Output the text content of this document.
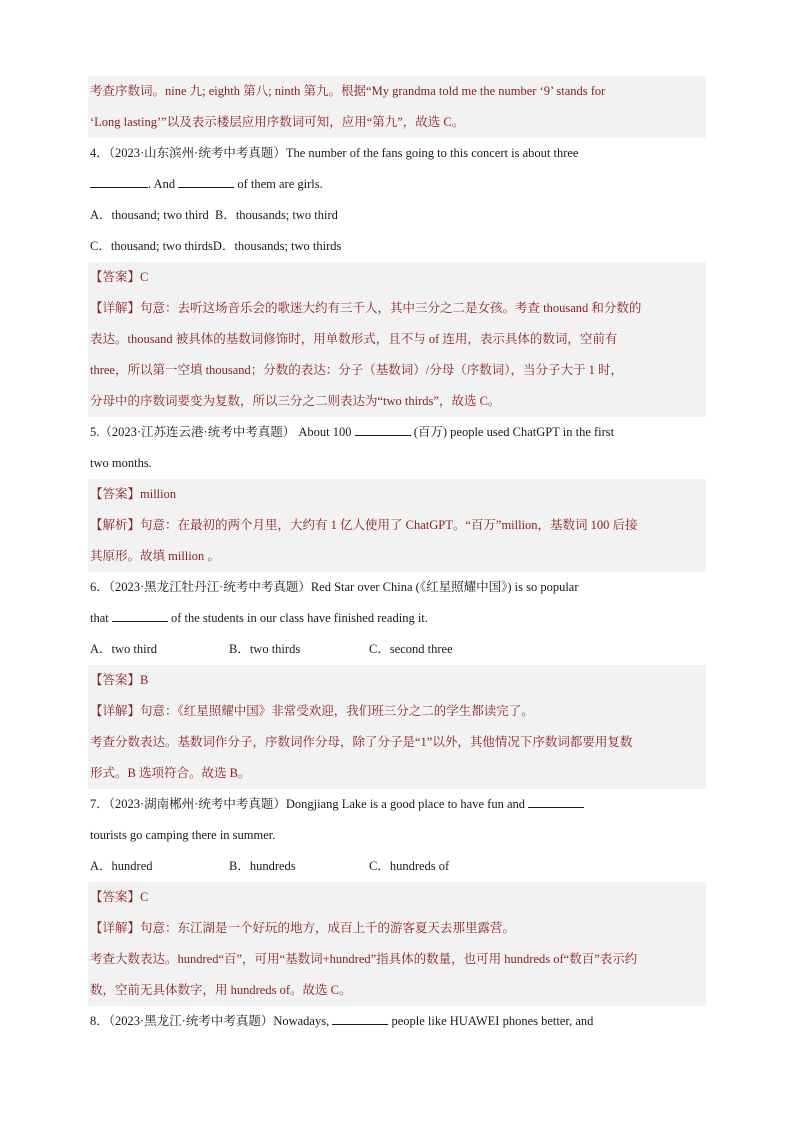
考查序数词。nine 九; eighth 第八; ninth 第九。根据“My grandma told me the number ‘9’ stands for
‘Long lasting’”以及表示楼层应用序数词可知，应用“第九”，故选 C。
4．（2023·山东滨州·统考中考真题）The number of the fans going to this concert is about three
. And	of them are girls.
A．thousand; two third B．thousands; two third
C．thousand; two thirdsD．thousands; two thirds
【答案】C
【详解】句意：去听这场音乐会的歌迷大约有三千人，其中三分之二是女孩。考查 thousand 和分数的
表达。thousand 被具体的基数词修饰时，用单数形式，且不与 of 连用，表示具体的数词，空前有
three，所以第一空填 thousand；分数的表达：分子（基数词）/分母（序数词），当分子大于 1 时，
分母中的序数词要变为复数，所以三分之二则表达为“two thirds”，故选 C。
5.（2023·江苏连云港·统考中考真题） About 100	(百万) people used ChatGPT in the first
two months.
【答案】million
【解析】句意：在最初的两个月里，大约有 1 亿人使用了 ChatGPT。“百万”million，基数词 100 后接
其原形。故填 million 。
6．（2023·黑龙江牡丹江·统考中考真题）Red Star over China (《红星照耀中国》) is so popular
that	of the students in our class have finished reading it.
A．two third	B．two thirds	C．second three
【答案】B
【详解】句意：《红星照耀中国》非常受欢迎，我们班三分之二的学生都读完了。
考查分数表达。基数词作分子，序数词作分母，除了分子是“1”以外，其他情况下序数词都要用复数
形式。B 选项符合。故选 B。
7．（2023·湖南郴州·统考中考真题）Dongjiang Lake is a good place to have fun and
tourists go camping there in summer.
A．hundred	B．hundreds	C．hundreds of
【答案】C
【详解】句意：东江湖是一个好玩的地方，成百上千的游客夏天去那里露营。
考查大数表达。hundred“百”，可用“基数词+hundred”指具体的数量，也可用 hundreds of“数百”表示约
数，空前无具体数字，用 hundreds of。故选 C。
8．（2023·黑龙江·统考中考真题）Nowadays,	people like HUAWEI phones better, and
